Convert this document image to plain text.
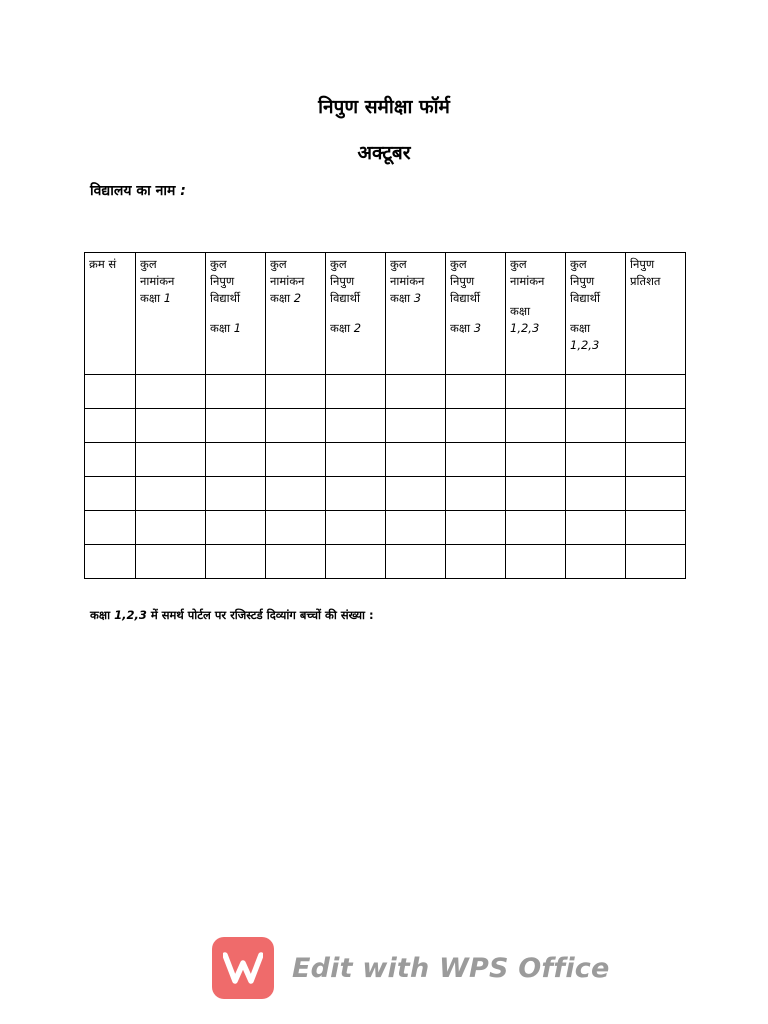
निपुण समीक्षा फॉर्म
अक्टूबर
विद्यालय का नाम :
क्रम सं	कुल
नामांकन
कक्षा 1	कुल
निपुण
विद्यार्थी
कक्षा 1	कुल
नामांकन
कक्षा 2	कुल
निपुण
विद्यार्थी
कक्षा 2	कुल
नामांकन
कक्षा 3	कुल
निपुण
विद्यार्थी
कक्षा 3	कुल
नामांकन
कक्षा
1,2,3	कुल
निपुण
विद्यार्थी
कक्षा
1,2,3	निपुण
प्रतिशत

कक्षा 1,2,3 में समर्थ पोर्टल पर रजिस्टर्ड दिव्यांग बच्चों की संख्या :
Edit with WPS Office
